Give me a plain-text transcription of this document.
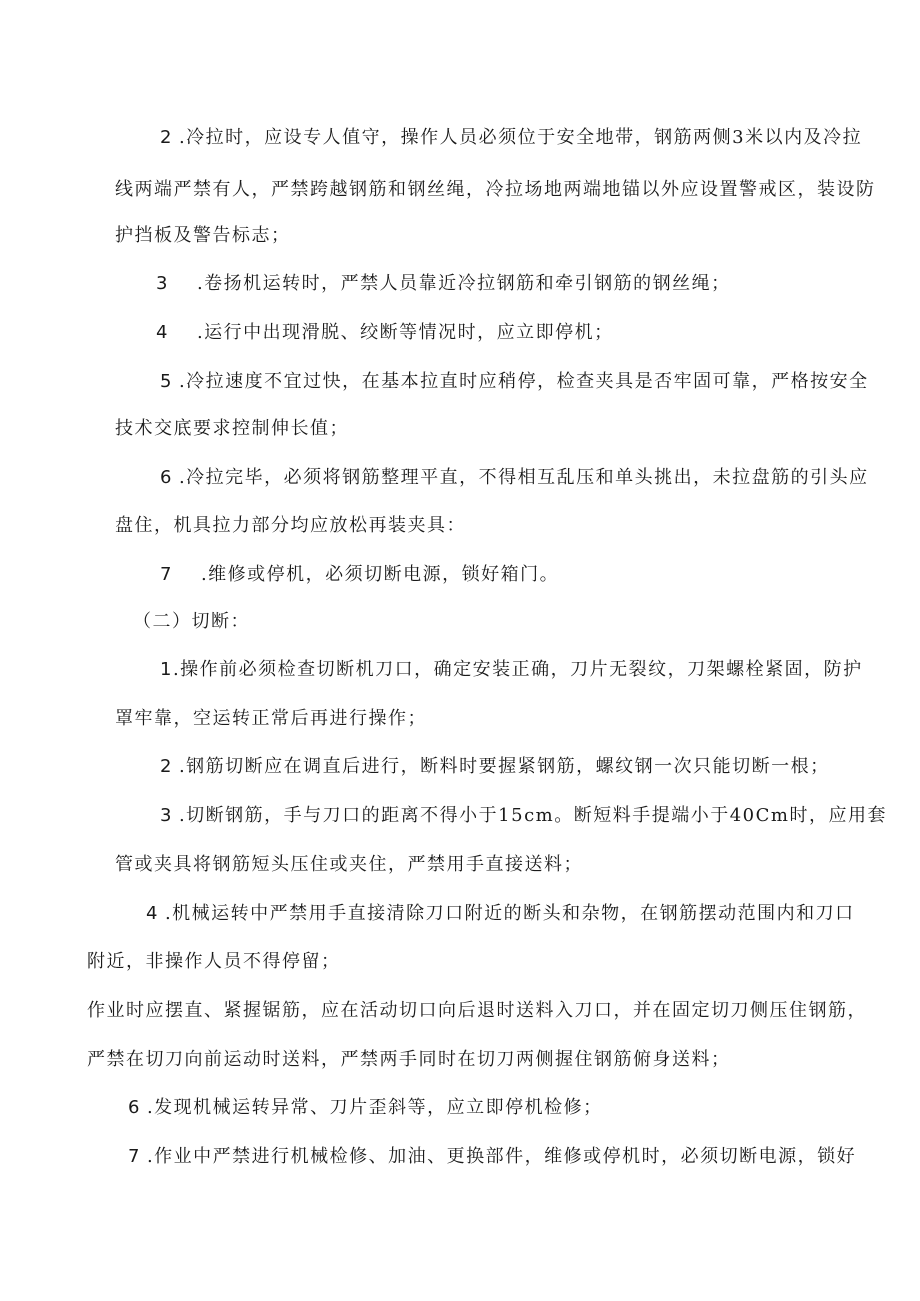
2 .冷拉时，应设专人值守，操作人员必须位于安全地带，钢筋两侧3米以内及冷拉
线两端严禁有人，严禁跨越钢筋和钢丝绳，冷拉场地两端地锚以外应设置警戒区，装设防
护挡板及警告标志；
3 .卷扬机运转时，严禁人员靠近冷拉钢筋和牵引钢筋的钢丝绳；
4 .运行中出现滑脱、绞断等情况时，应立即停机；
5 .冷拉速度不宜过快，在基本拉直时应稍停，检查夹具是否牢固可靠，严格按安全
技术交底要求控制伸长值；
6 .冷拉完毕，必须将钢筋整理平直，不得相互乱压和单头挑出，未拉盘筋的引头应
盘住，机具拉力部分均应放松再装夹具：
7 .维修或停机，必须切断电源，锁好箱门。
（二）切断：
1.操作前必须检查切断机刀口，确定安装正确，刀片无裂纹，刀架螺栓紧固，防护
罩牢靠，空运转正常后再进行操作；
2 .钢筋切断应在调直后进行，断料时要握紧钢筋，螺纹钢一次只能切断一根；
3 .切断钢筋，手与刀口的距离不得小于15cm。断短料手提端小于40Cm时，应用套
管或夹具将钢筋短头压住或夹住，严禁用手直接送料；
4 .机械运转中严禁用手直接清除刀口附近的断头和杂物，在钢筋摆动范围内和刀口
附近，非操作人员不得停留；
作业时应摆直、紧握锯筋，应在活动切口向后退时送料入刀口，并在固定切刀侧压住钢筋，
严禁在切刀向前运动时送料，严禁两手同时在切刀两侧握住钢筋俯身送料；
6 .发现机械运转异常、刀片歪斜等，应立即停机检修；
7 .作业中严禁进行机械检修、加油、更换部件，维修或停机时，必须切断电源，锁好
